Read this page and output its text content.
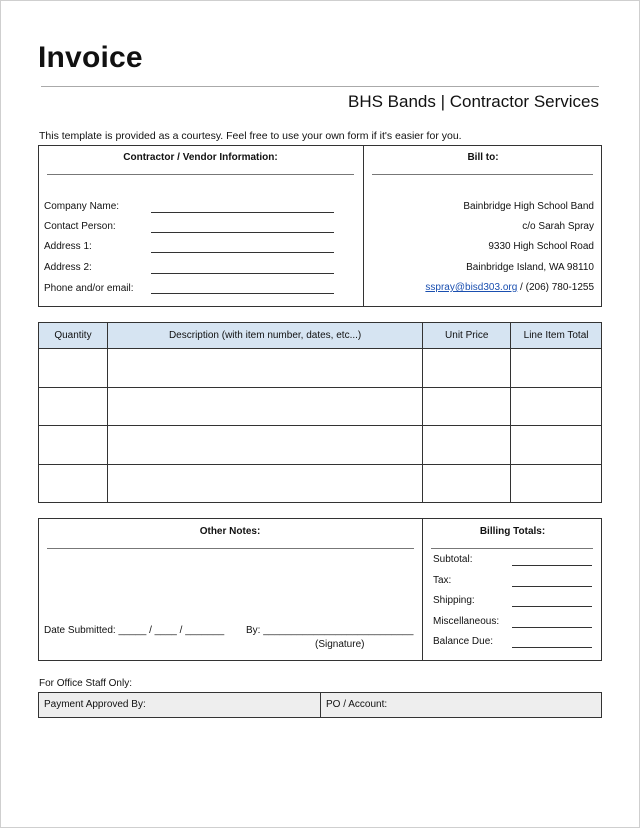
Invoice
BHS Bands | Contractor Services
This template is provided as a courtesy. Feel free to use your own form if it's easier for you.
Contractor / Vendor Information:	Bill to:
Company Name:
Contact Person:
Address 1:
Address 2:
Phone and/or email:
Bainbridge High School Band
c/o Sarah Spray
9330 High School Road
Bainbridge Island, WA 98110
sspray@bisd303.org / (206) 780-1255
Quantity	Description (with item number, dates, etc...)	Unit Price	Line Item Total

Other Notes:
Date Submitted: _____ / ____ / _______ By: ___________________________
(Signature)
Billing Totals:
Subtotal:
Tax:
Shipping:
Miscellaneous:
Balance Due:
For Office Staff Only:
Payment Approved By:	PO / Account:
